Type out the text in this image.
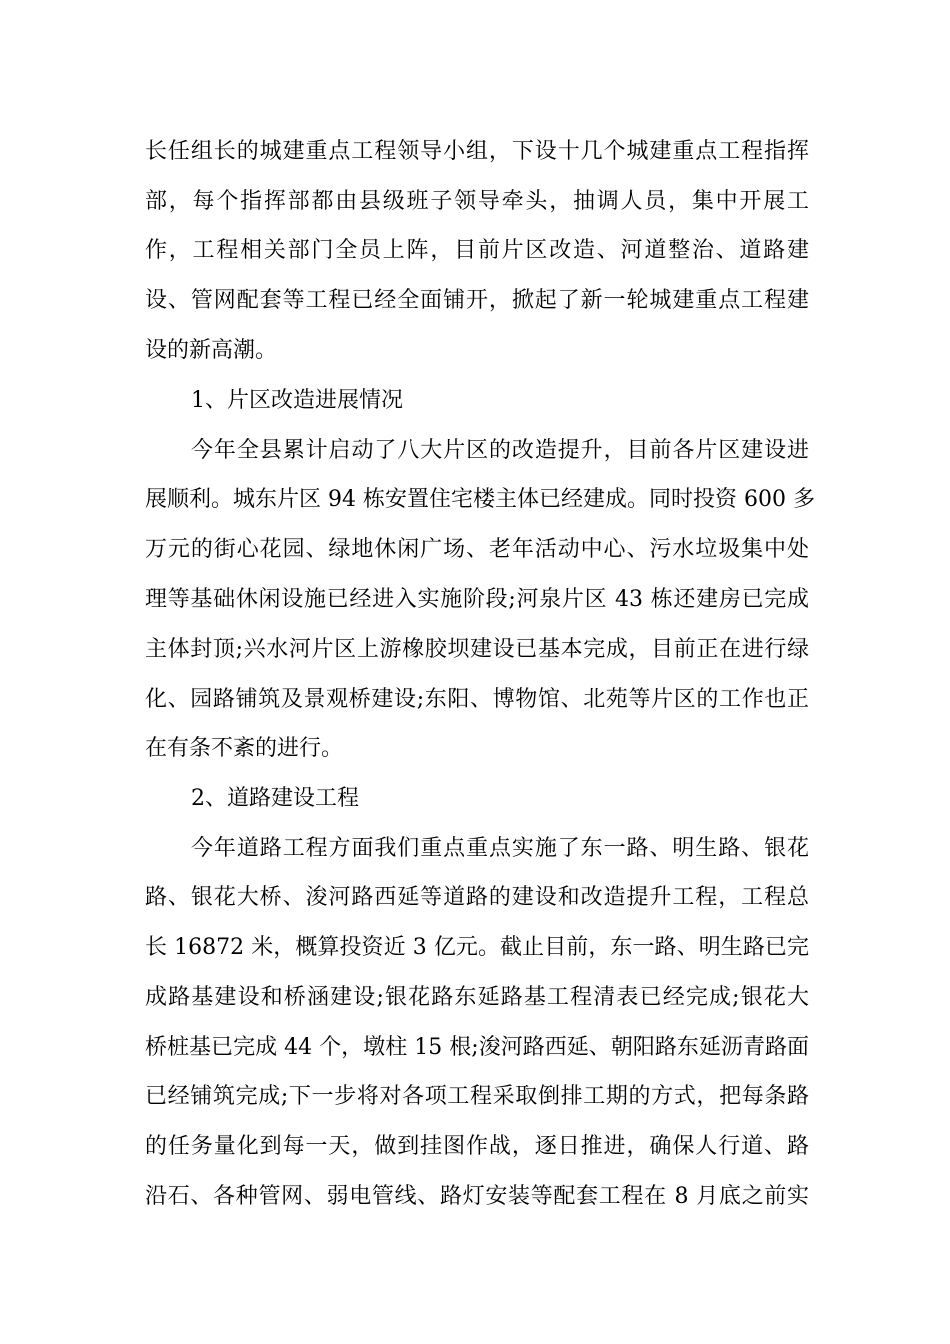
长任组长的城建重点工程领导小组，下设十几个城建重点工程指挥
部，每个指挥部都由县级班子领导牵头，抽调人员，集中开展工
作，工程相关部门全员上阵，目前片区改造、河道整治、道路建
设、管网配套等工程已经全面铺开，掀起了新一轮城建重点工程建
设的新高潮。
1、片区改造进展情况
今年全县累计启动了八大片区的改造提升，目前各片区建设进
展顺利。城东片区 94 栋安置住宅楼主体已经建成。同时投资 600 多
万元的街心花园、绿地休闲广场、老年活动中心、污水垃圾集中处
理等基础休闲设施已经进入实施阶段;河泉片区 43 栋还建房已完成
主体封顶;兴水河片区上游橡胶坝建设已基本完成，目前正在进行绿
化、园路铺筑及景观桥建设;东阳、博物馆、北苑等片区的工作也正
在有条不紊的进行。
2、道路建设工程
今年道路工程方面我们重点重点实施了东一路、明生路、银花
路、银花大桥、浚河路西延等道路的建设和改造提升工程，工程总
长 16872 米，概算投资近 3 亿元。截止目前，东一路、明生路已完
成路基建设和桥涵建设;银花路东延路基工程清表已经完成;银花大
桥桩基已完成 44 个，墩柱 15 根;浚河路西延、朝阳路东延沥青路面
已经铺筑完成;下一步将对各项工程采取倒排工期的方式，把每条路
的任务量化到每一天，做到挂图作战，逐日推进，确保人行道、路
沿石、各种管网、弱电管线、路灯安装等配套工程在 8 月底之前实
